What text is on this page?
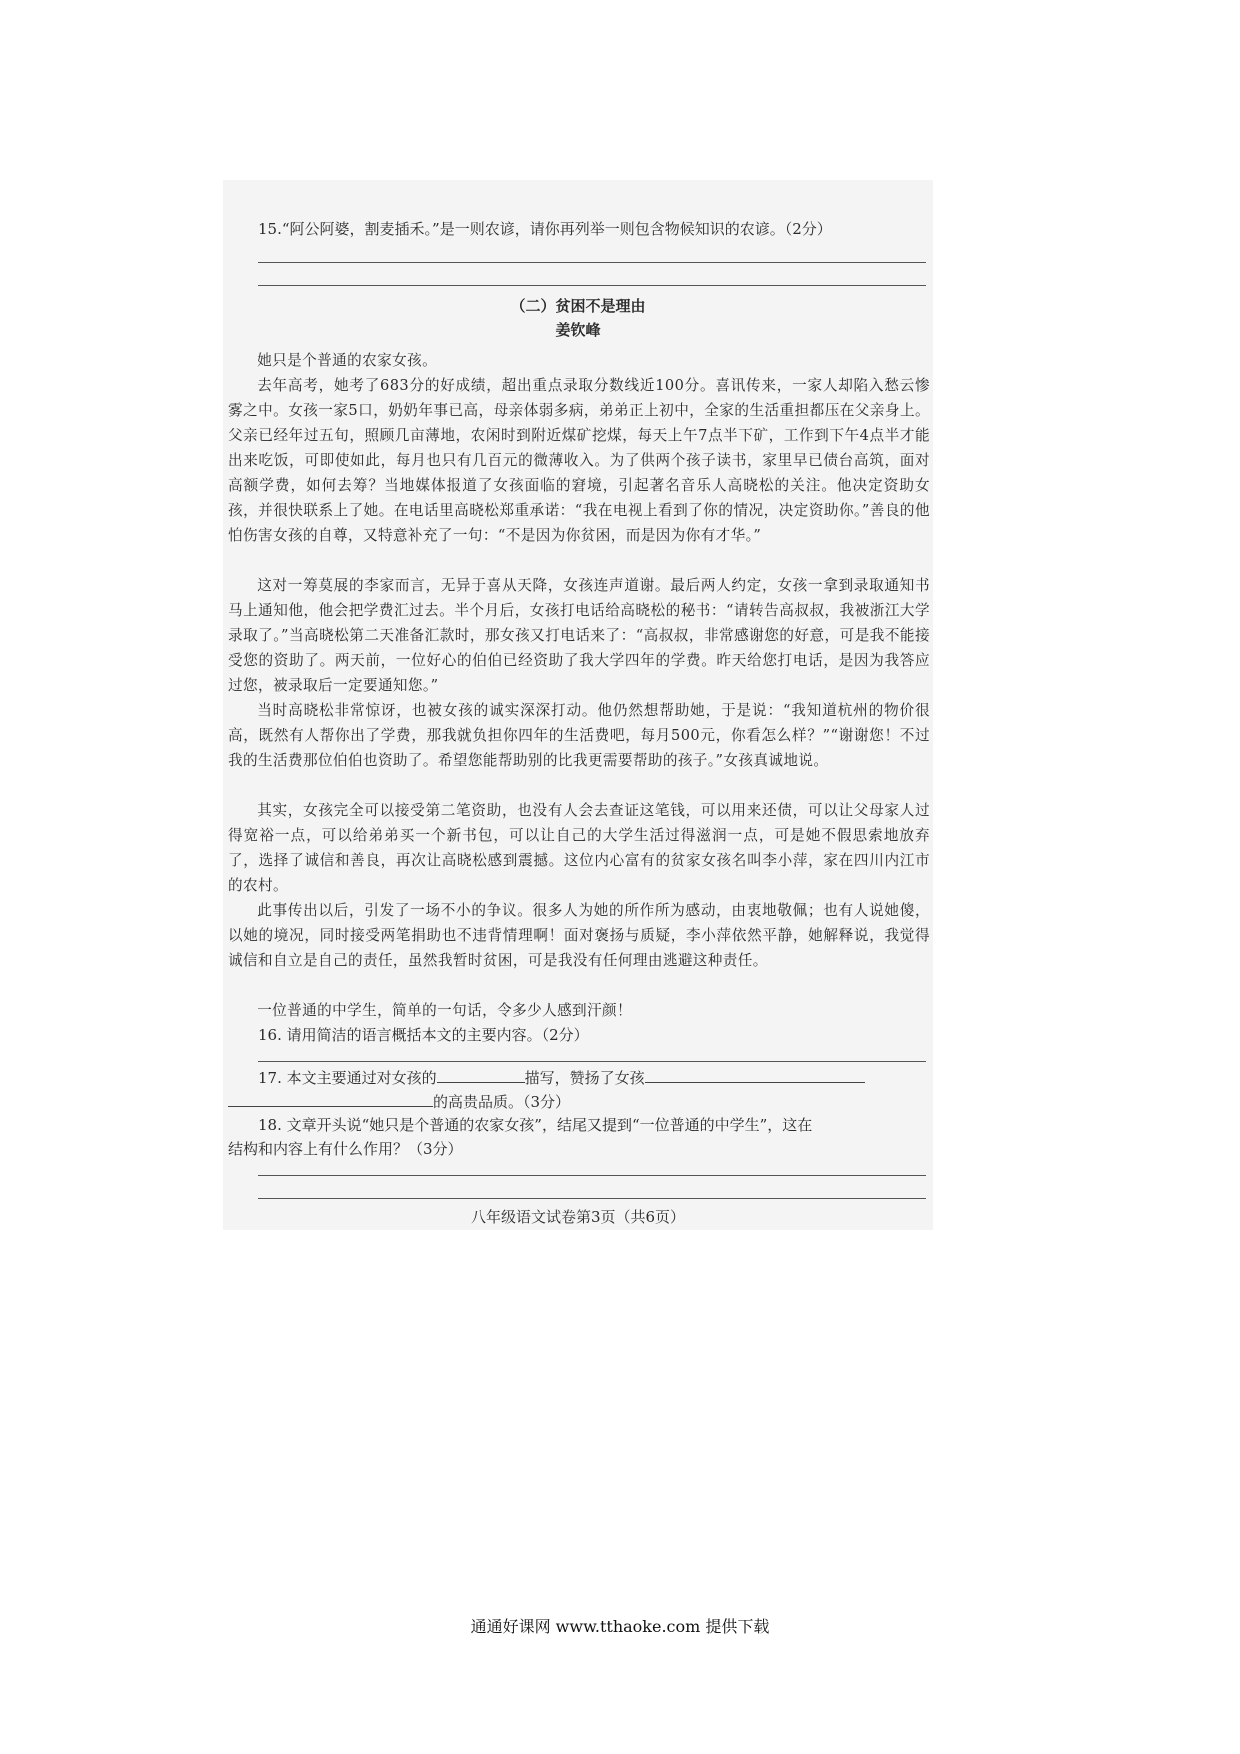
15.“阿公阿婆，割麦插禾。”是一则农谚，请你再列举一则包含物候知识的农谚。（2分）
（二）贫困不是理由
姜钦峰

她只是个普通的农家女孩。

去年高考，她考了683分的好成绩，超出重点录取分数线近100分。喜讯传来，一家人却陷入愁云惨雾之中。女孩一家5口，奶奶年事已高，母亲体弱多病，弟弟正上初中，全家的生活重担都压在父亲身上。父亲已经年过五旬，照顾几亩薄地，农闲时到附近煤矿挖煤，每天上午7点半下矿，工作到下午4点半才能出来吃饭，可即使如此，每月也只有几百元的微薄收入。为了供两个孩子读书，家里早已债台高筑，面对高额学费，如何去筹？当地媒体报道了女孩面临的窘境，引起著名音乐人高晓松的关注。他决定资助女孩，并很快联系上了她。在电话里高晓松郑重承诺：“我在电视上看到了你的情况，决定资助你。”善良的他怕伤害女孩的自尊，又特意补充了一句：“不是因为你贫困，而是因为你有才华。”

这对一筹莫展的李家而言，无异于喜从天降，女孩连声道谢。最后两人约定，女孩一拿到录取通知书马上通知他，他会把学费汇过去。半个月后，女孩打电话给高晓松的秘书：“请转告高叔叔，我被浙江大学录取了。”当高晓松第二天准备汇款时，那女孩又打电话来了：“高叔叔，非常感谢您的好意，可是我不能接受您的资助了。两天前，一位好心的伯伯已经资助了我大学四年的学费。昨天给您打电话，是因为我答应过您，被录取后一定要通知您。”

当时高晓松非常惊讶，也被女孩的诚实深深打动。他仍然想帮助她，于是说：“我知道杭州的物价很高，既然有人帮你出了学费，那我就负担你四年的生活费吧，每月500元，你看怎么样？”“谢谢您！不过我的生活费那位伯伯也资助了。希望您能帮助别的比我更需要帮助的孩子。”女孩真诚地说。

其实，女孩完全可以接受第二笔资助，也没有人会去查证这笔钱，可以用来还债，可以让父母家人过得宽裕一点，可以给弟弟买一个新书包，可以让自己的大学生活过得滋润一点，可是她不假思索地放弃了，选择了诚信和善良，再次让高晓松感到震撼。这位内心富有的贫家女孩名叫李小萍，家在四川内江市的农村。

此事传出以后，引发了一场不小的争议。很多人为她的所作所为感动，由衷地敬佩；也有人说她傻，以她的境况，同时接受两笔捐助也不违背情理啊！面对褒扬与质疑，李小萍依然平静，她解释说，我觉得诚信和自立是自己的责任，虽然我暂时贫困，可是我没有任何理由逃避这种责任。

一位普通的中学生，简单的一句话，令多少人感到汗颜！

16. 请用简洁的语言概括本文的主要内容。（2分）
17. 本文主要通过对女孩的	描写，赞扬了女孩
的高贵品质。（3分）
18. 文章开头说“她只是个普通的农家女孩”，结尾又提到“一位普通的中学生”，这在
结构和内容上有什么作用？（3分）
八年级语文试卷第3页（共6页）
通通好课网 www.tthaoke.com 提供下载
